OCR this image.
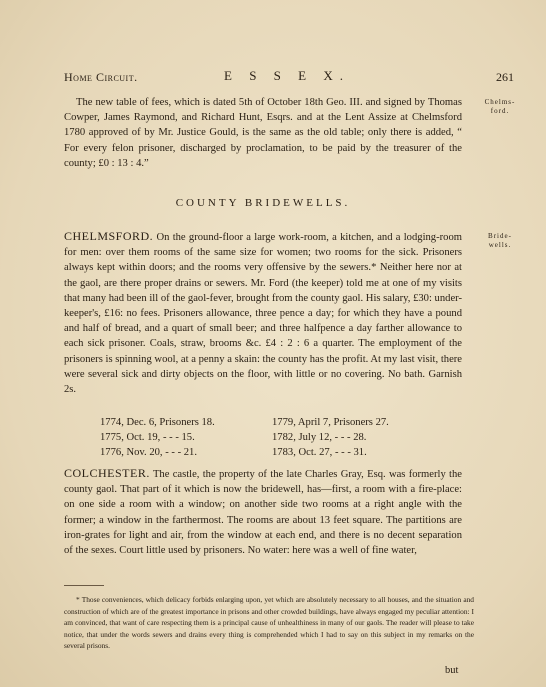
Home Circuit.	E S S E X.	261
Chelms-
ford.
The new table of fees, which is dated 5th of October 18th Geo. III. and signed by Thomas Cowper, James Raymond, and Richard Hunt, Esqrs. and at the Lent Assize at Chelmsford 1780 approved of by Mr. Justice Gould, is the same as the old table; only there is added, “ For every felon prisoner, discharged by proclamation, to be paid by the treasurer of the county; £0 : 13 : 4.”
COUNTY BRIDEWELLS.
Bride-
wells.
CHELMSFORD. On the ground-floor a large work-room, a kitchen, and a lodging-room for men: over them rooms of the same size for women; two rooms for the sick. Prisoners always kept within doors; and the rooms very offensive by the sewers.* Neither here nor at the gaol, are there proper drains or sewers. Mr. Ford (the keeper) told me at one of my visits that many had been ill of the gaol-fever, brought from the county gaol. His salary, £30: under-keeper's, £16: no fees. Prisoners allowance, three pence a day; for which they have a pound and half of bread, and a quart of small beer; and three halfpence a day farther allowance to each sick prisoner. Coals, straw, brooms &c. £4 : 2 : 6 a quarter. The employment of the prisoners is spinning wool, at a penny a skain: the county has the profit. At my last visit, there were several sick and dirty objects on the floor, with little or no covering. No bath. Garnish 2s.
1774, Dec. 6, Prisoners 18.	1779, April 7, Prisoners 27.
1775, Oct. 19, - - - 15.	1782, July 12, - - - 28.
1776, Nov. 20, - - - 21.	1783, Oct. 27, - - - 31.
COLCHESTER. The castle, the property of the late Charles Gray, Esq. was formerly the county gaol. That part of it which is now the bridewell, has—first, a room with a fire-place: on one side a room with a window; on another side two rooms at a right angle with the former; a window in the farthermost. The rooms are about 13 feet square. The partitions are iron-grates for light and air, from the window at each end, and there is no decent separation of the sexes. Court little used by prisoners. No water: here was a well of fine water,
* Those conveniences, which delicacy forbids enlarging upon, yet which are absolutely necessary to all houses, and the situation and construction of which are of the greatest importance in prisons and other crowded buildings, have always engaged my peculiar attention: I am convinced, that want of care respecting them is a principal cause of unhealthiness in many of our gaols. The reader will please to take notice, that under the words sewers and drains every thing is comprehended which I had to say on this subject in my remarks on the several prisons.
but
